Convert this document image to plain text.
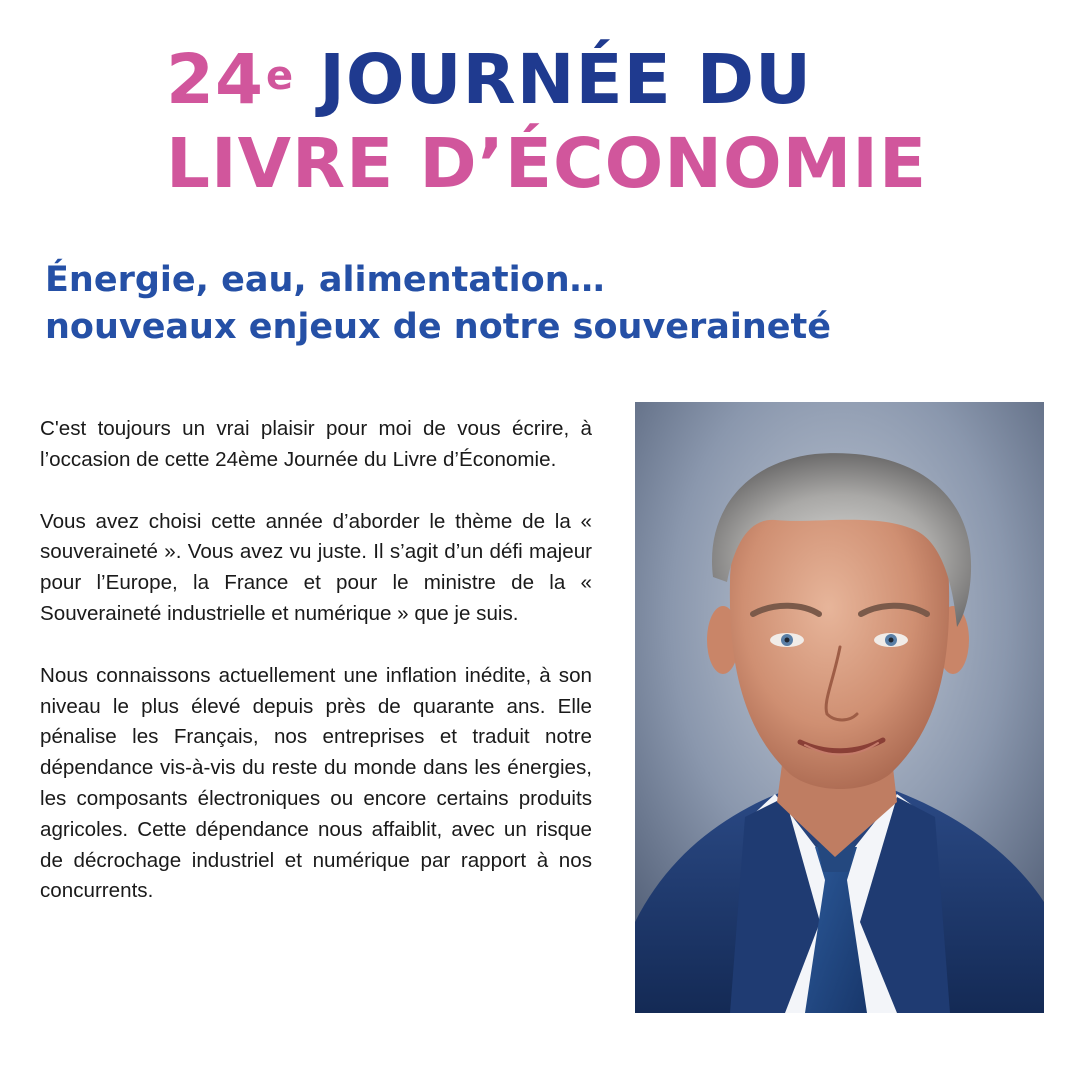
24e JOURNÉE DU
LIVRE D’ÉCONOMIE
Énergie, eau, alimentation…
nouveaux enjeux de notre souveraineté

C'est toujours un vrai plaisir pour moi de vous écrire, à l’occasion de cette 24ème Journée du Livre d’Économie.

Vous avez choisi cette année d’aborder le thème de la « souveraineté ». Vous avez vu juste. Il s’agit d’un défi majeur pour l’Europe, la France et pour le ministre de la « Souveraineté industrielle et numérique » que je suis.

Nous connaissons actuellement une inflation inédite, à son niveau le plus élevé depuis près de quarante ans. Elle pénalise les Français, nos entreprises et traduit notre dépendance vis-à-vis du reste du monde dans les énergies, les composants électroniques ou encore certains produits agricoles. Cette dépendance nous affaiblit, avec un risque de décrochage industriel et numérique par rapport à nos concurrents.
